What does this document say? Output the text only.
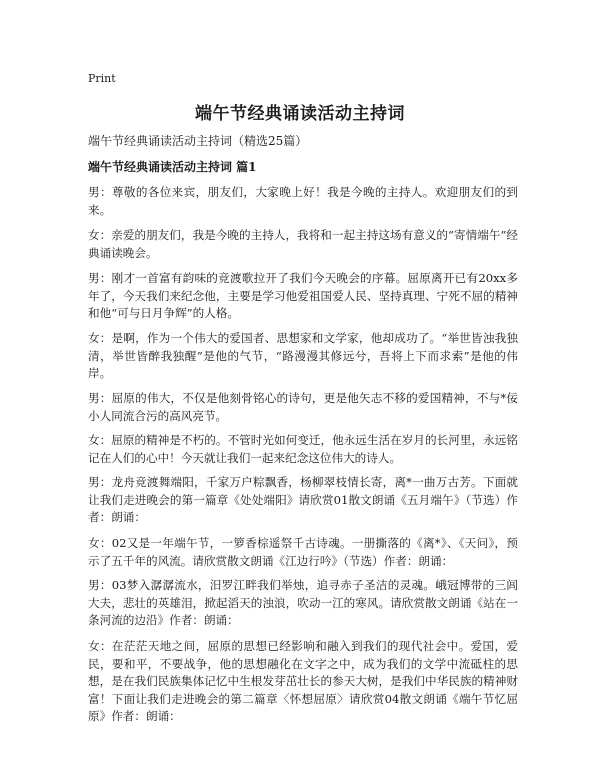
Print
端午节经典诵读活动主持词
端午节经典诵读活动主持词（精选25篇）
端午节经典诵读活动主持词 篇1
男：尊敬的各位来宾，朋友们，大家晚上好！我是今晚的主持人。欢迎朋友们的到来。
女：亲爱的朋友们，我是今晚的主持人，我将和一起主持这场有意义的“寄情端午”经典诵读晚会。
男：刚才一首富有韵味的竞渡歌拉开了我们今天晚会的序幕。屈原离开已有20xx多年了，今天我们来纪念他，主要是学习他爱祖国爱人民、坚持真理、宁死不屈的精神和他“可与日月争辉”的人格。
女：是啊，作为一个伟大的爱国者、思想家和文学家，他却成功了。“举世皆浊我独清，举世皆醉我独醒”是他的气节，“路漫漫其修远兮，吾将上下而求索”是他的伟岸。
男：屈原的伟大，不仅是他刻骨铭心的诗句，更是他矢志不移的爱国精神，不与*佞小人同流合污的高风亮节。
女：屈原的精神是不朽的。不管时光如何变迁，他永远生活在岁月的长河里，永远铭记在人们的心中！今天就让我们一起来纪念这位伟大的诗人。
男：龙舟竞渡舞端阳，千家万户粽飘香，杨柳翠枝情长寄，离*一曲万古芳。下面就让我们走进晚会的第一篇章《处处端阳》请欣赏01散文朗诵《五月端午》（节选）作者：朗诵：
女：02又是一年端午节，一箩香棕遥祭千古诗魂。一册撕落的《离*》、《天问》，预示了五千年的风流。请欣赏散文朗诵《江边行吟》（节选）作者：朗诵：
男：03梦入潺潺流水，汨罗江畔我们举烛，追寻赤子圣洁的灵魂。峨冠博带的三闾大夫，悲壮的英雄泪，掀起滔天的浊浪，吹动一江的寒风。请欣赏散文朗诵《站在一条河流的边沿》作者：朗诵：
女：在茫茫天地之间，屈原的思想已经影响和融入到我们的现代社会中。爱国，爱民，要和平，不要战争，他的思想融化在文字之中，成为我们的文学中流砥柱的思想，是在我们民族集体记忆中生根发芽茁壮长的参天大树，是我们中华民族的精神财富！下面让我们走进晚会的第二篇章〈怀想屈原〉请欣赏04散文朗诵《端午节忆屈原》作者：朗诵：
